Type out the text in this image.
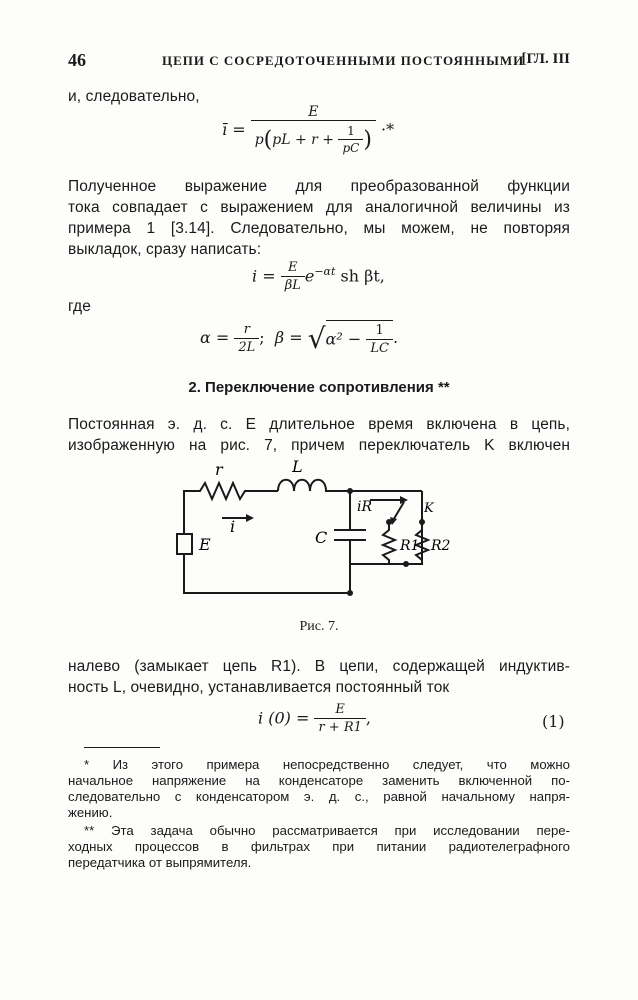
46	ЦЕПИ С СОСРЕДОТОЧЕННЫМИ ПОСТОЯННЫМИ
[ГЛ. III
и, следовательно,
ī = $\frac{E}{p(pL + r + \frac{1}{pC} )}$ ·*
Полученное выражение для преобразованной функции
тока совпадает с выражением для аналогичной величины из
примера 1 [3.14]. Следовательно, мы можем, не повторяя
выкладок, сразу написать:
$i = \frac{E}{\beta L} e^{-\alpha t}$ sh βt,
где
$\alpha = \frac{r}{2L}$ ; $\beta = √\alpha^2 - \frac{1}{LC}$ .
2. Переключение сопротивления **
Постоянная э. д. с. E длительное время включена в цепь,
изображенную на рис. 7, причем переключатель K включен
r	L
E
i
iR	K
C	R1 R2
Рис. 7.
налево (замыкает цепь R1). В цепи, содержащей индуктив-
ность L, очевидно, устанавливается постоянный ток
i $(0) = \frac{E}{r + R1}$ ,	(1)
* Из этого примера непосредственно следует, что можно
начальное напряжение на конденсаторе заменить включенной по-
следовательно с конденсатором э. д. с., равной начальному напря-
жению.
** Эта задача обычно рассматривается при исследовании пере-
ходных процессов в фильтрах при питании радиотелеграфного
передатчика от выпрямителя.
